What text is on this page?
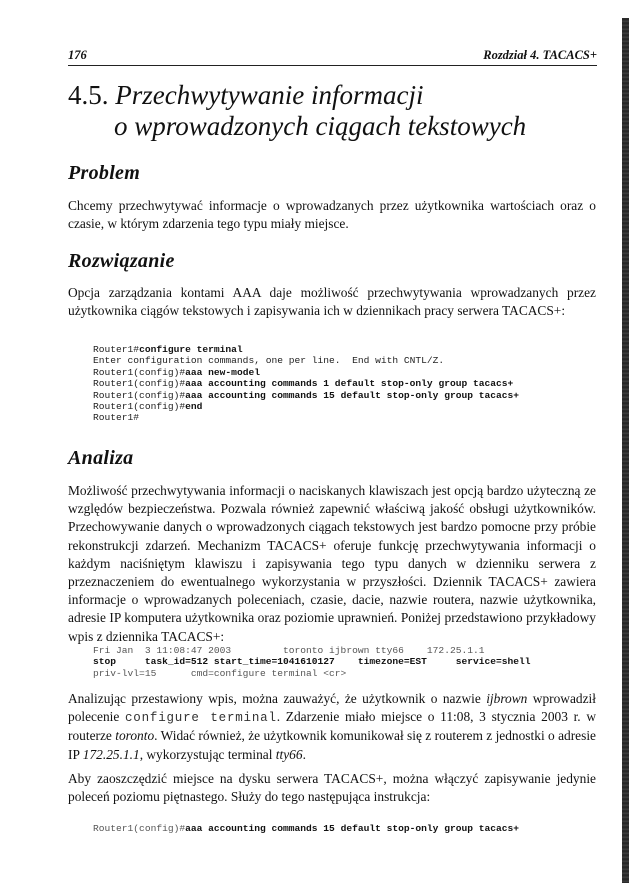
176	Rozdział 4. TACACS+
4.5. Przechwytywanie informacji
o wprowadzonych ciągach tekstowych
Problem

Chcemy przechwytywać informacje o wprowadzanych przez użytkownika wartościach oraz o czasie, w którym zdarzenia tego typu miały miejsce.

Rozwiązanie

Opcja zarządzania kontami AAA daje możliwość przechwytywania wprowadzanych przez użytkownika ciągów tekstowych i zapisywania ich w dziennikach pracy serwera TACACS+:

Router1#configure terminal
Enter configuration commands, one per line.  End with CNTL/Z.
Router1(config)#aaa new-model
Router1(config)#aaa accounting commands 1 default stop-only group tacacs+
Router1(config)#aaa accounting commands 15 default stop-only group tacacs+
Router1(config)#end
Router1#
Analiza

Możliwość przechwytywania informacji o naciskanych klawiszach jest opcją bardzo użyteczną ze względów bezpieczeństwa. Pozwala również zapewnić właściwą jakość obsługi użytkowników. Przechowywanie danych o wprowadzonych ciągach tekstowych jest bardzo pomocne przy próbie rekonstrukcji zdarzeń. Mechanizm TACACS+ oferuje funkcję przechwytywania informacji o każdym naciśniętym klawiszu i zapisywania tego typu danych w dzienniku serwera z przeznaczeniem do ewentualnego wykorzystania w przyszłości. Dziennik TACACS+ zawiera informacje o wprowadzanych poleceniach, czasie, dacie, nazwie routera, nazwie użytkownika, adresie IP komputera użytkownika oraz poziomie uprawnień. Poniżej przedstawiono przykładowy wpis z dziennika TACACS+:

Fri Jan  3 11:08:47 2003         toronto ijbrown tty66    172.25.1.1
stop     task_id=512 start_time=1041610127    timezone=EST     service=shell
priv-lvl=15      cmd=configure terminal <cr>

Analizując przestawiony wpis, można zauważyć, że użytkownik o nazwie ijbrown wprowadził polecenie configure terminal. Zdarzenie miało miejsce o 11:08, 3 stycznia 2003 r. w routerze toronto. Widać również, że użytkownik komunikował się z routerem z jednostki o adresie IP 172.25.1.1, wykorzystując terminal tty66.

Aby zaoszczędzić miejsce na dysku serwera TACACS+, można włączyć zapisywanie jedynie poleceń poziomu piętnastego. Służy do tego następująca instrukcja:

Router1(config)#aaa accounting commands 15 default stop-only group tacacs+
